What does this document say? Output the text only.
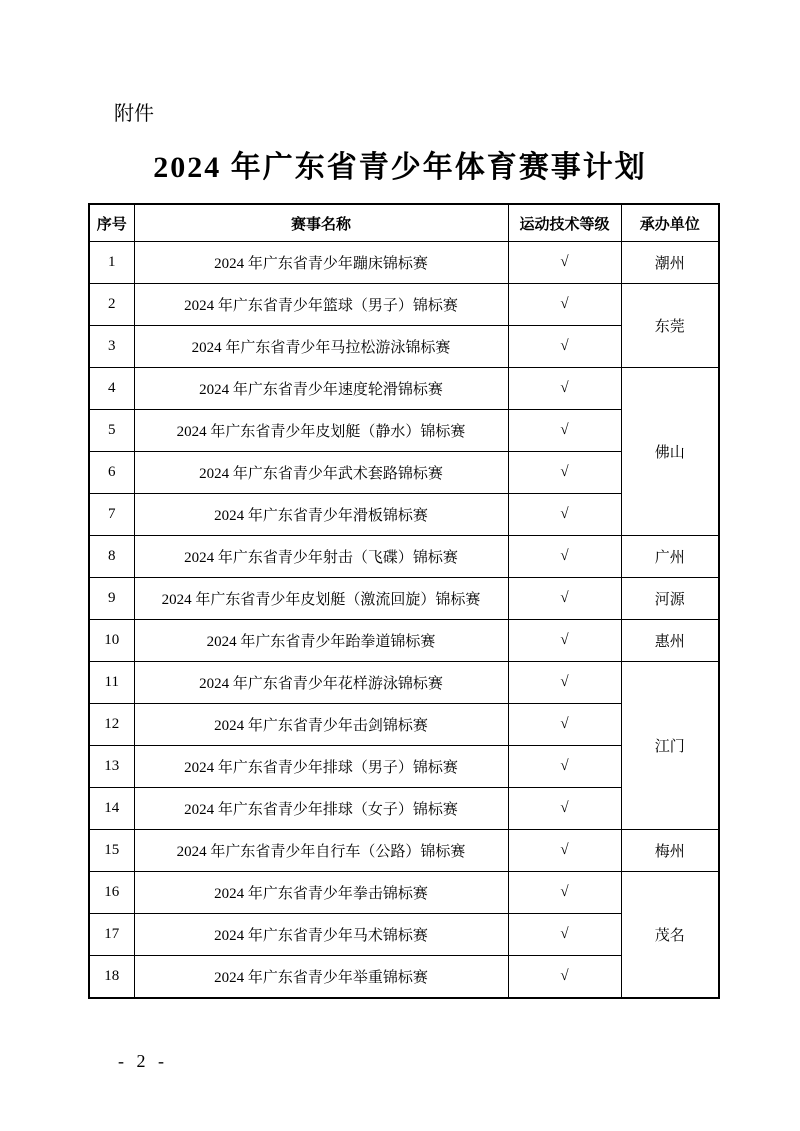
附件
2024 年广东省青少年体育赛事计划
序号	赛事名称	运动技术等级	承办单位
1	2024 年广东省青少年蹦床锦标赛	√	潮州
2	2024 年广东省青少年篮球（男子）锦标赛	√	东莞
3	2024 年广东省青少年马拉松游泳锦标赛	√	
4	2024 年广东省青少年速度轮滑锦标赛	√	佛山
5	2024 年广东省青少年皮划艇（静水）锦标赛	√	
6	2024 年广东省青少年武术套路锦标赛	√	
7	2024 年广东省青少年滑板锦标赛	√	
8	2024 年广东省青少年射击（飞碟）锦标赛	√	广州
9	2024 年广东省青少年皮划艇（激流回旋）锦标赛	√	河源
10	2024 年广东省青少年跆拳道锦标赛	√	惠州
11	2024 年广东省青少年花样游泳锦标赛	√	江门
12	2024 年广东省青少年击剑锦标赛	√	
13	2024 年广东省青少年排球（男子）锦标赛	√	
14	2024 年广东省青少年排球（女子）锦标赛	√	
15	2024 年广东省青少年自行车（公路）锦标赛	√	梅州
16	2024 年广东省青少年拳击锦标赛	√	茂名
17	2024 年广东省青少年马术锦标赛	√	
18	2024 年广东省青少年举重锦标赛	√	
- 2 -
